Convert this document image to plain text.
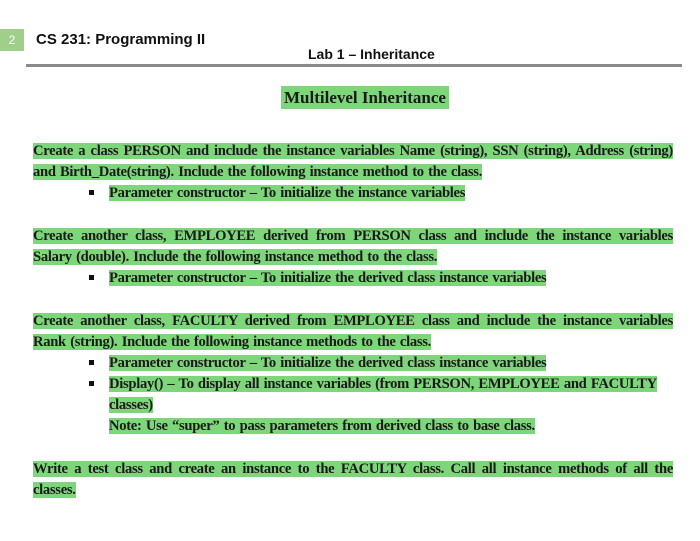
2	CS 231: Programming II
Lab 1 – Inheritance
Multilevel Inheritance

Create a class PERSON and include the instance variables Name (string), SSN (string), Address (string) and Birth_Date(string). Include the following instance method to the class.

Parameter constructor – To initialize the instance variables

Create another class, EMPLOYEE derived from PERSON class and include the instance variables Salary (double). Include the following instance method to the class.

Parameter constructor – To initialize the derived class instance variables

Create another class, FACULTY derived from EMPLOYEE class and include the instance variables Rank (string). Include the following instance methods to the class.

Parameter constructor – To initialize the derived class instance variables
Display() – To display all instance variables (from PERSON, EMPLOYEE and FACULTY classes)
Note: Use “super” to pass parameters from derived class to base class.

Write a test class and create an instance to the FACULTY class. Call all instance methods of all the classes.
